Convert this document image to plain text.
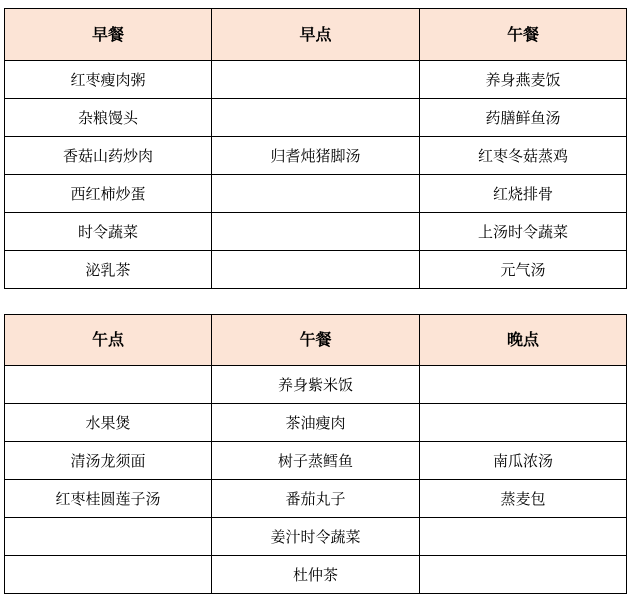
早餐	早点	午餐
红枣瘦肉粥		养身燕麦饭
杂粮馒头		药膳鲜鱼汤
香菇山药炒肉	归耆炖猪脚汤	红枣冬菇蒸鸡
西红柿炒蛋		红烧排骨
时令蔬菜		上汤时令蔬菜
泌乳茶		元气汤
午点	午餐	晚点
	养身紫米饭	
水果煲	茶油瘦肉	
清汤龙须面	树子蒸鳕鱼	南瓜浓汤
红枣桂圆莲子汤	番茄丸子	蒸麦包
	姜汁时令蔬菜	
	杜仲茶	
